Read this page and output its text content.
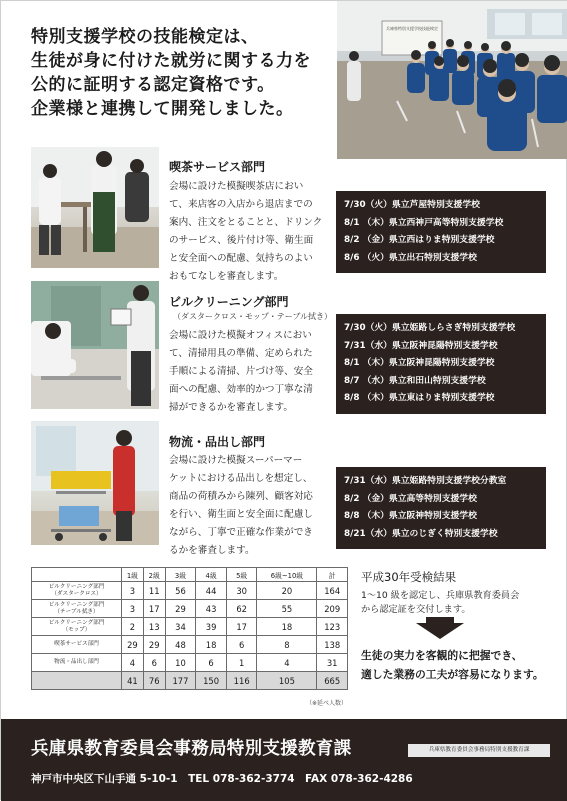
特別支援学校の技能検定は、
生徒が身に付けた就労に関する力を
公的に証明する認定資格です。
企業様と連携して開発しました。
兵庫県特別支援学校技能検定
喫茶サービス部門
会場に設けた模擬喫茶店におい
て、来店客の入店から退店までの
案内、注文をとることと、ドリンク
のサービス、後片付け等、衛生面
と安全面への配慮、気持ちのよい
おもてなしを審査します。
7/30（火）県立芦屋特別支援学校
8/1 （木）県立西神戸高等特別支援学校
8/2 （金）県立西はりま特別支援学校
8/6 （火）県立出石特別支援学校
ビルクリーニング部門
（ダスタークロス・モップ・テーブル拭き）
会場に設けた模擬オフィスにおい
て、清掃用具の準備、定められた
手順による清掃、片づけ等、安全
面への配慮、効率的かつ丁寧な清
掃ができるかを審査します。
7/30（火）県立姫路しらさぎ特別支援学校
7/31（水）県立阪神昆陽特別支援学校
8/1 （木）県立阪神昆陽特別支援学校
8/7 （水）県立和田山特別支援学校
8/8 （木）県立東はりま特別支援学校
物流・品出し部門
会場に設けた模擬スーパーマー
ケットにおける品出しを想定し、
商品の荷積みから陳列、顧客対応
を行い、衛生面と安全面に配慮し
ながら、丁寧で正確な作業ができ
るかを審査します。
7/31（水）県立姫路特別支援学校分教室
8/2 （金）県立高等特別支援学校
8/8 （木）県立阪神特別支援学校
8/21（水）県立のじぎく特別支援学校
	1級	2級	3級	4級	5級	6級~10級	計

ビルクリーニング部門
（ダスタークロス）	3	11	56	44	30	20	164

ビルクリーニング部門
（テーブル拭き）	3	17	29	43	62	55	209

ビルクリーニング部門
（モップ）	2	13	34	39	17	18	123

喫茶サービス部門	29	29	48	18	6	8	138

物流・品出し部門	4	6	10	6	1	4	31

	41	76	177	150	116	105	665
（※延べ人数）
平成30年受検結果
1～10 級を認定し、兵庫県教育委員会
から認定証を交付します。
生徒の実力を客観的に把握でき、
適した業務の工夫が容易になります。
兵庫県教育委員会事務局特別支援教育課	兵庫県教育委員会事務局特別支援教育課
神戸市中央区下山手通 5-10-1　TEL 078-362-3774　FAX 078-362-4286
